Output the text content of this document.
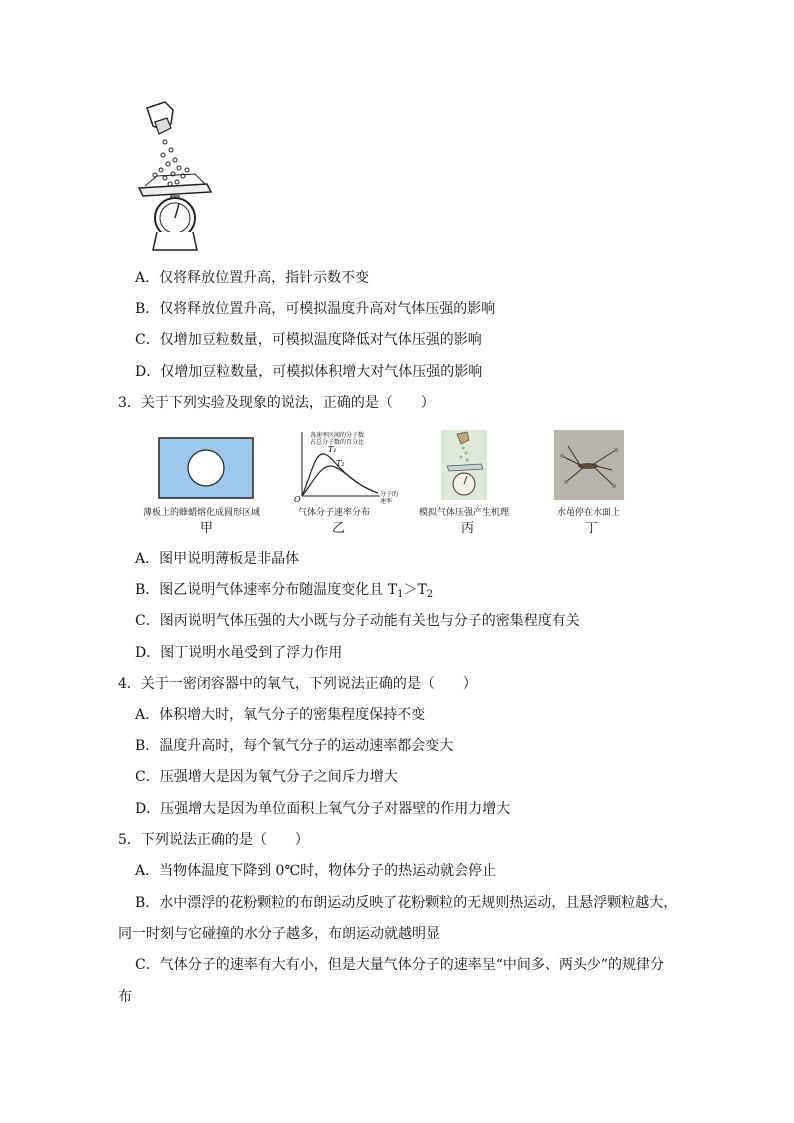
A．仅将释放位置升高，指针示数不变
B．仅将释放位置升高，可模拟温度升高对气体压强的影响
C．仅增加豆粒数量，可模拟温度降低对气体压强的影响
D．仅增加豆粒数量，可模拟体积增大对气体压强的影响
3．关于下列实验及现象的说法，正确的是（　　）
薄板上的蜂蜡熔化成圆形区域
甲
各速率区间的分子数
占总分子数的百分比
T₁
T₂
O
分子的
速率
气体分子速率分布
乙
模拟气体压强产生机理
丙
水黾停在水面上
丁
A．图甲说明薄板是非晶体
B．图乙说明气体速率分布随温度变化且 $T_1>T_2$
C．图丙说明气体压强的大小既与分子动能有关也与分子的密集程度有关
D．图丁说明水黾受到了浮力作用
4．关于一密闭容器中的氧气，下列说法正确的是（　　）
A．体积增大时，氧气分子的密集程度保持不变
B．温度升高时，每个氧气分子的运动速率都会变大
C．压强增大是因为氧气分子之间斥力增大
D．压强增大是因为单位面积上氧气分子对器壁的作用力增大
5．下列说法正确的是（　　）
A．当物体温度下降到 0℃时，物体分子的热运动就会停止
B．水中漂浮的花粉颗粒的布朗运动反映了花粉颗粒的无规则热运动，且悬浮颗粒越大，
同一时刻与它碰撞的水分子越多，布朗运动就越明显
C．气体分子的速率有大有小，但是大量气体分子的速率呈“中间多、两头少”的规律分
布
